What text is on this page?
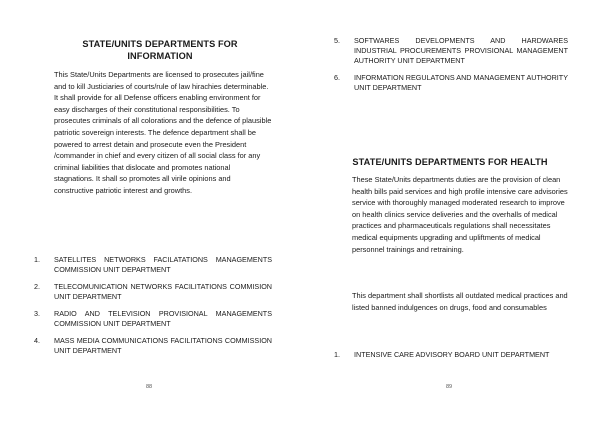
STATE/UNITS DEPARTMENTS FOR
INFORMATION
This State/Units Departments are licensed to prosecutes jail/fine and to kill Justiciaries of courts/rule of law hirachies determinable. It shall provide for all Defense officers enabling environment for easy discharges of their constitutional responsibilities. To prosecutes criminals of all colorations and the defence of plausible patriotic sovereign interests. The defence department shall be powered to arrest detain and prosecute even the President /commander in chief and every citizen of all social class for any criminal liabilities that dislocate and promotes national stagnations. It shall so promotes all virile opinions and constructive patriotic interest and growths.
1. SATELLITES NETWORKS FACILATATIONS MANAGEMENTS COMMISSION UNIT DEPARTMENT
2. TELECOMUNICATION NETWORKS FACILITATIONS COMMISION UNIT DEPARTMENT
3. RADIO AND TELEVISION PROVISIONAL MANAGEMENTS COMMISSION UNIT DEPARTMENT
4. MASS MEDIA COMMUNICATIONS FACILITATIONS COMMISSION UNIT DEPARTMENT
88
5. SOFTWARES DEVELOPMENTS AND HARDWARES INDUSTRIAL PROCUREMENTS PROVISIONAL MANAGEMENT AUTHORITY UNIT DEPARTMENT
6. INFORMATION REGULATONS AND MANAGEMENT AUTHORITY UNIT DEPARTMENT
STATE/UNITS DEPARTMENTS FOR HEALTH
These State/Units departments duties are the provision of clean health bills paid services and high profile intensive care advisories service with thoroughly managed moderated research to improve on health clinics service deliveries and the overhalls of medical practices and pharmaceuticals regulations shall necessitates medical equipments upgrading and upliftments of medical personnel trainings and retraining.
This department shall shortlists all outdated medical practices and listed banned indulgences on drugs, food and consumables
1. INTENSIVE CARE ADVISORY BOARD UNIT DEPARTMENT
89
